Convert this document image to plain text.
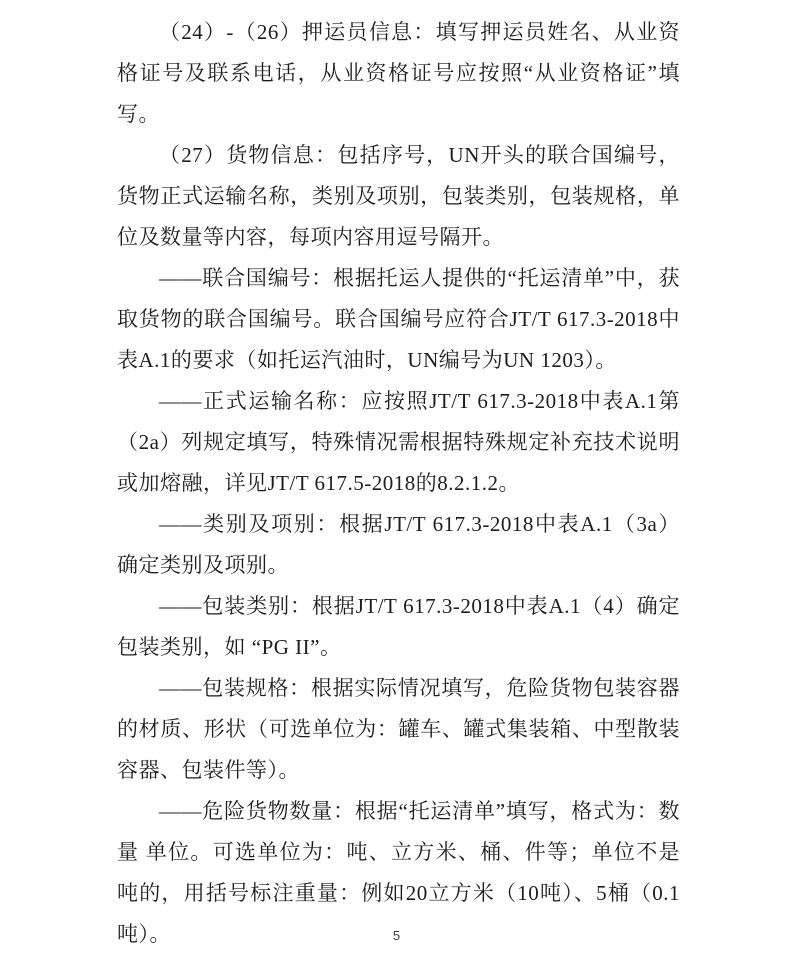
（24）-（26）押运员信息：填写押运员姓名、从业资格证号及联系电话，从业资格证号应按照“从业资格证”填写。

（27）货物信息：包括序号，UN开头的联合国编号，货物正式运输名称，类别及项别，包装类别，包装规格，单位及数量等内容，每项内容用逗号隔开。

——联合国编号：根据托运人提供的“托运清单”中，获取货物的联合国编号。联合国编号应符合JT/T 617.3-2018中表A.1的要求（如托运汽油时，UN编号为UN 1203）。

——正式运输名称：应按照JT/T 617.3-2018中表A.1第（2a）列规定填写，特殊情况需根据特殊规定补充技术说明或加熔融，详见JT/T 617.5-2018的8.2.1.2。

——类别及项别：根据JT/T 617.3-2018中表A.1（3a）确定类别及项别。

——包装类别：根据JT/T 617.3-2018中表A.1（4）确定包装类别，如 “PG II”。

——包装规格：根据实际情况填写，危险货物包装容器的材质、形状（可选单位为：罐车、罐式集装箱、中型散装容器、包装件等）。

——危险货物数量：根据“托运清单”填写，格式为：数量 单位。可选单位为：吨、立方米、桶、件等；单位不是吨的，用括号标注重量：例如20立方米（10吨）、5桶（0.1吨）。	5
